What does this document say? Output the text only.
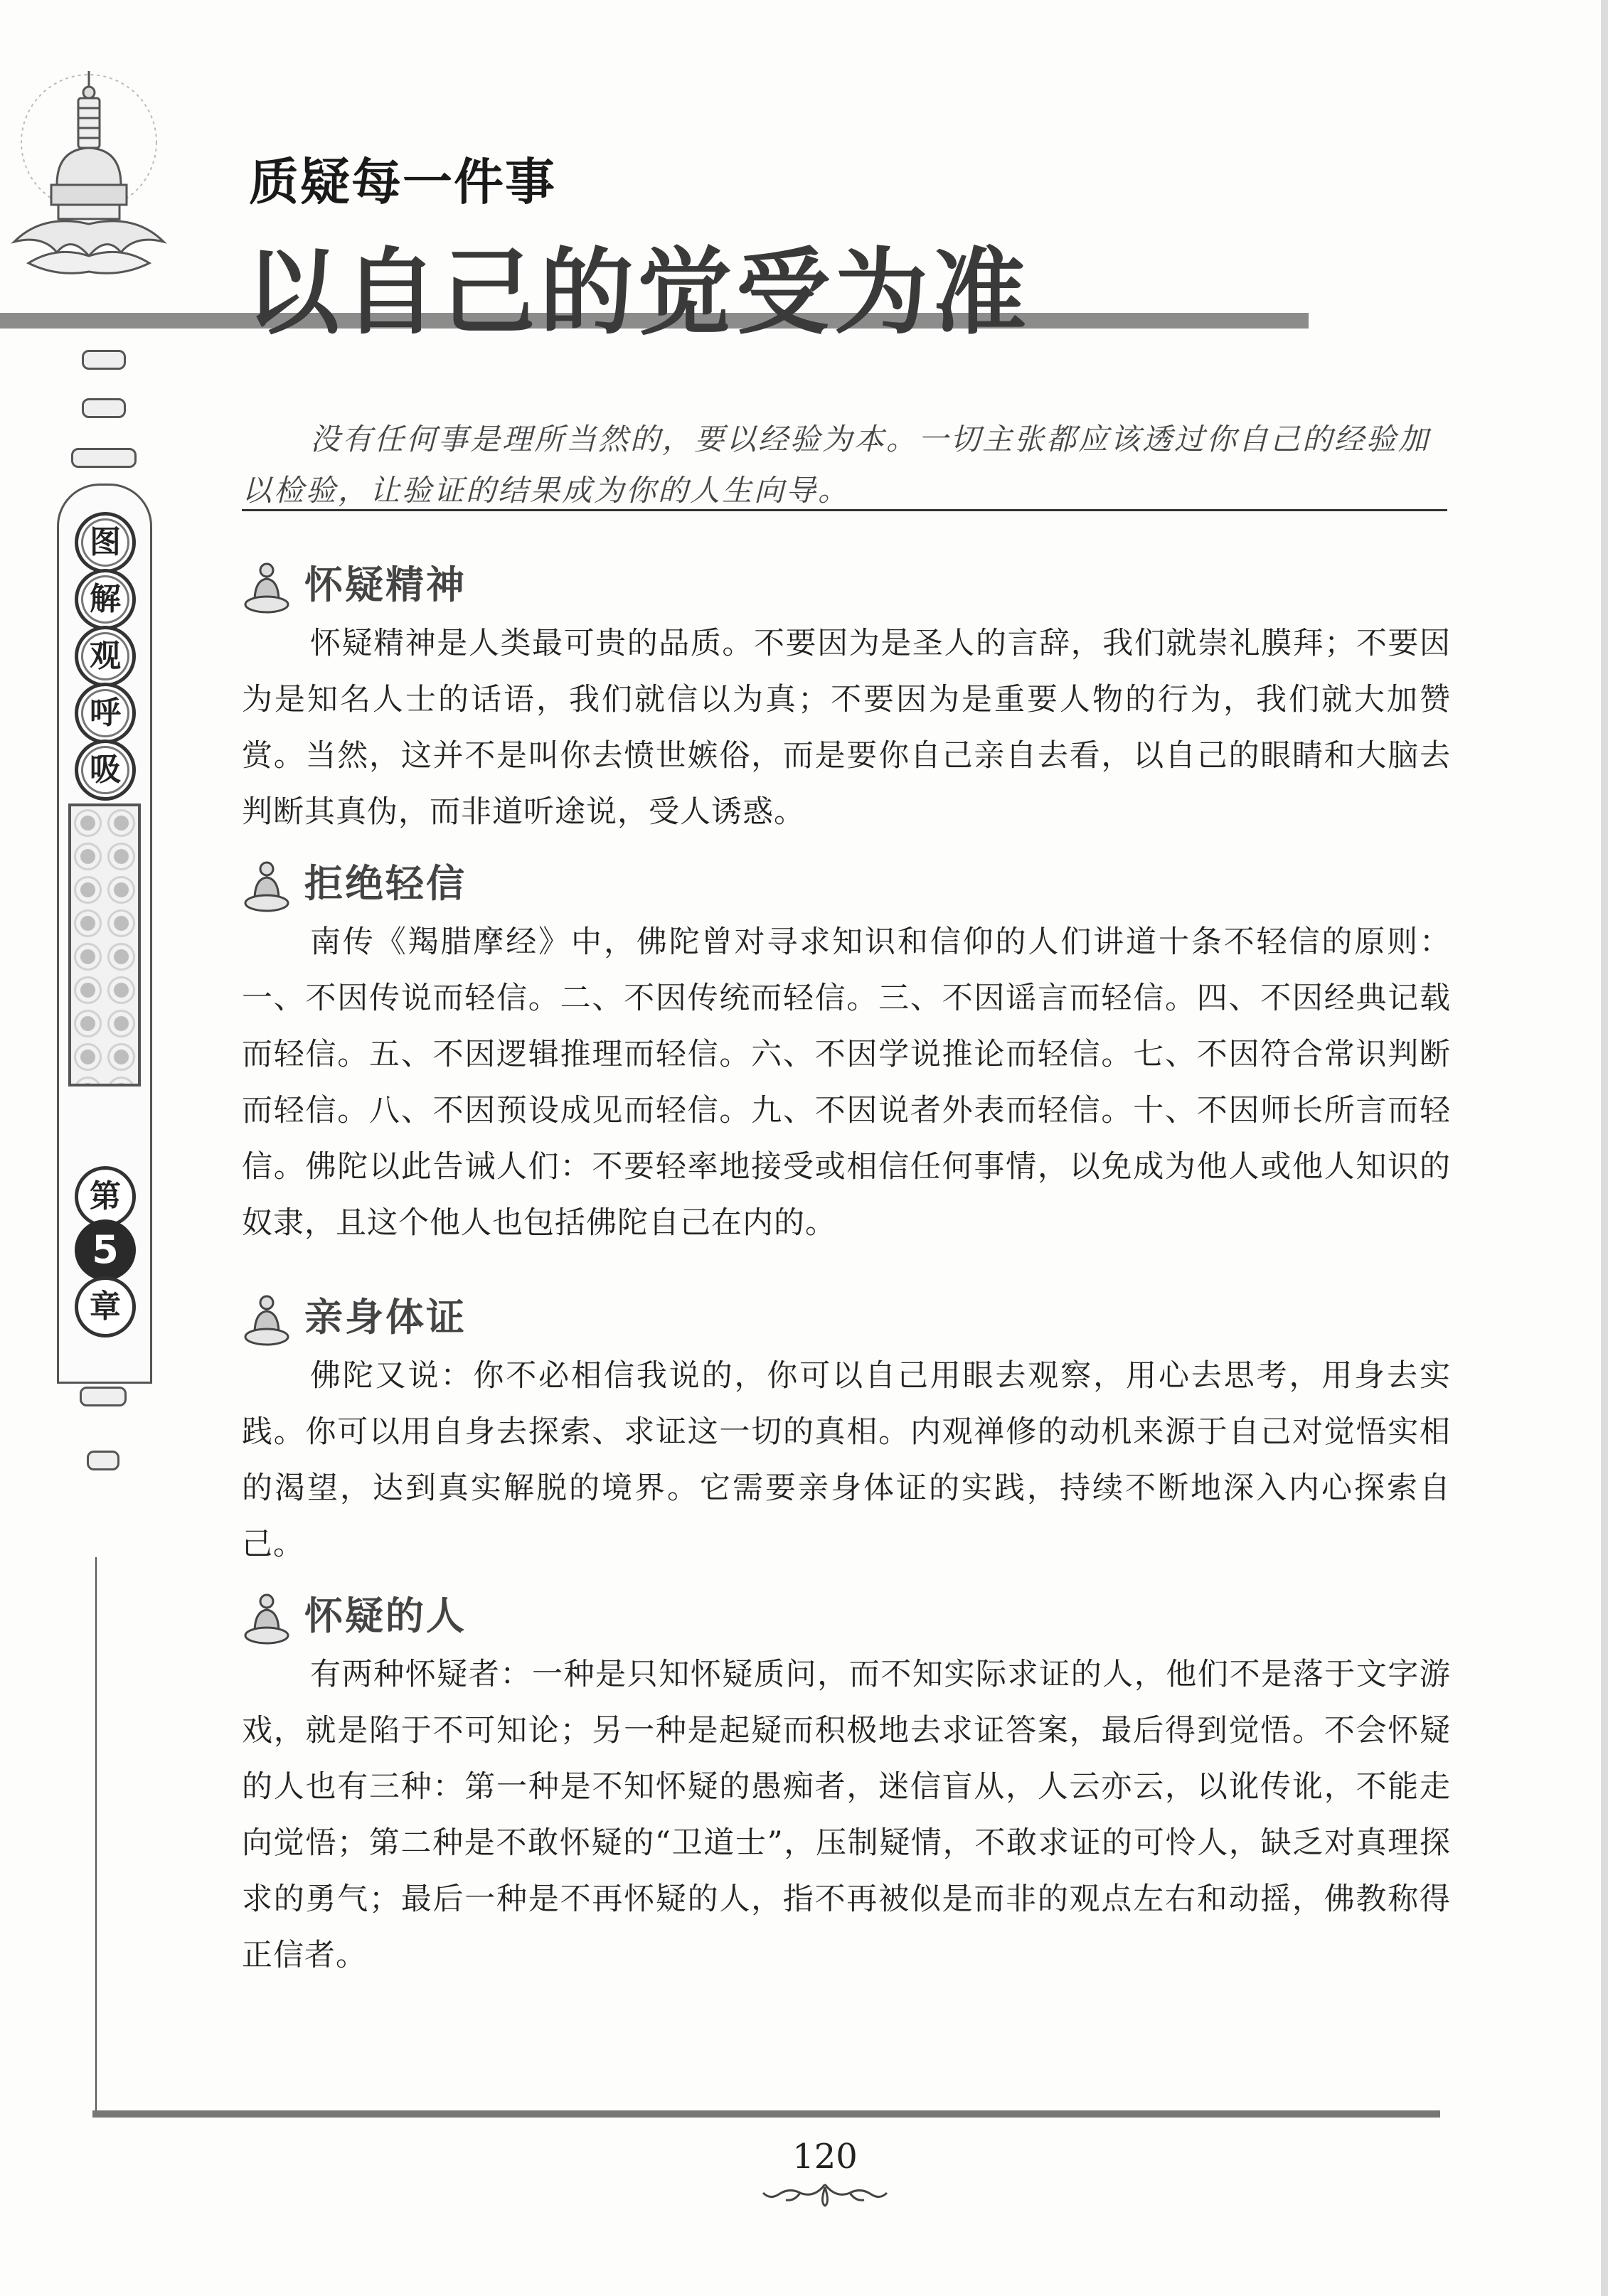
图
解
观
呼
吸
第
5
章
质疑每一件事
以自己的觉受为准

没有任何事是理所当然的，要以经验为本。一切主张都应该透过你自己的经验加以检验，让验证的结果成为你的人生向导。

怀疑精神

怀疑精神是人类最可贵的品质。不要因为是圣人的言辞，我们就崇礼膜拜；不要因为是知名人士的话语，我们就信以为真；不要因为是重要人物的行为，我们就大加赞赏。当然，这并不是叫你去愤世嫉俗，而是要你自己亲自去看，以自己的眼睛和大脑去判断其真伪，而非道听途说，受人诱惑。

拒绝轻信

南传《羯腊摩经》中，佛陀曾对寻求知识和信仰的人们讲道十条不轻信的原则：一、不因传说而轻信。二、不因传统而轻信。三、不因谣言而轻信。四、不因经典记载而轻信。五、不因逻辑推理而轻信。六、不因学说推论而轻信。七、不因符合常识判断而轻信。八、不因预设成见而轻信。九、不因说者外表而轻信。十、不因师长所言而轻信。佛陀以此告诫人们：不要轻率地接受或相信任何事情，以免成为他人或他人知识的奴隶，且这个他人也包括佛陀自己在内的。

亲身体证

佛陀又说：你不必相信我说的，你可以自己用眼去观察，用心去思考，用身去实践。你可以用自身去探索、求证这一切的真相。内观禅修的动机来源于自己对觉悟实相的渴望，达到真实解脱的境界。它需要亲身体证的实践，持续不断地深入内心探索自己。

怀疑的人

有两种怀疑者：一种是只知怀疑质问，而不知实际求证的人，他们不是落于文字游戏，就是陷于不可知论；另一种是起疑而积极地去求证答案，最后得到觉悟。不会怀疑的人也有三种：第一种是不知怀疑的愚痴者，迷信盲从，人云亦云，以讹传讹，不能走向觉悟；第二种是不敢怀疑的“卫道士”，压制疑情，不敢求证的可怜人，缺乏对真理探求的勇气；最后一种是不再怀疑的人，指不再被似是而非的观点左右和动摇，佛教称得正信者。

120
